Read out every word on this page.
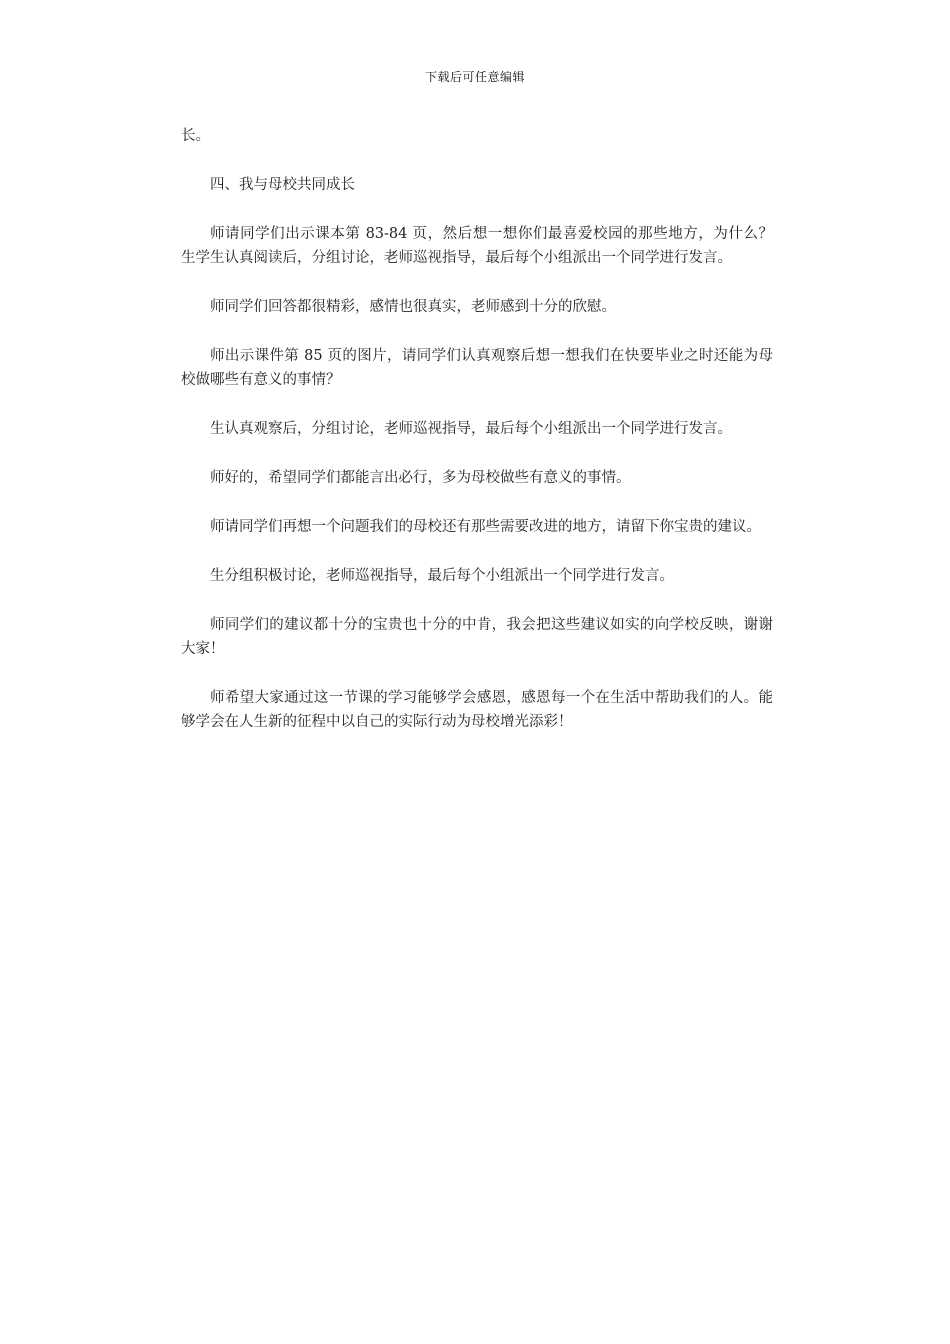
下载后可任意编辑

长。

四、我与母校共同成长

师请同学们出示课本第 83-84 页，然后想一想你们最喜爱校园的那些地方，为什么？ 生学生认真阅读后，分组讨论，老师巡视指导，最后每个小组派出一个同学进行发言。

师同学们回答都很精彩，感情也很真实，老师感到十分的欣慰。

师出示课件第 85 页的图片，请同学们认真观察后想一想我们在快要毕业之时还能为母校做哪些有意义的事情？

生认真观察后，分组讨论，老师巡视指导，最后每个小组派出一个同学进行发言。

师好的，希望同学们都能言出必行，多为母校做些有意义的事情。

师请同学们再想一个问题我们的母校还有那些需要改进的地方，请留下你宝贵的建议。

生分组积极讨论，老师巡视指导，最后每个小组派出一个同学进行发言。

师同学们的建议都十分的宝贵也十分的中肯，我会把这些建议如实的向学校反映，谢谢大家！

师希望大家通过这一节课的学习能够学会感恩，感恩每一个在生活中帮助我们的人。能够学会在人生新的征程中以自己的实际行动为母校增光添彩！
